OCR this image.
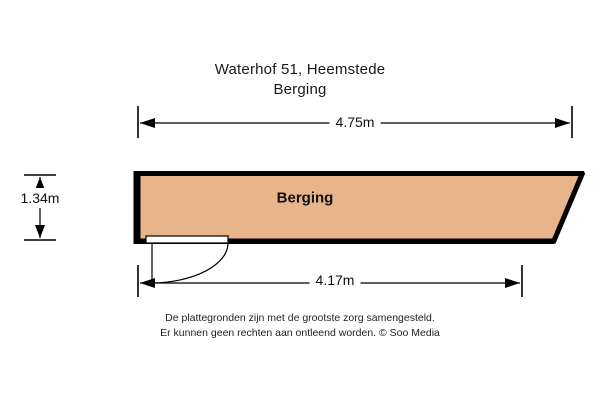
Waterhof 51, Heemstede
Berging
Berging
4.75m
4.17m
1.34m
De plattegronden zijn met de grootste zorg samengesteld.
Er kunnen geen rechten aan ontleend worden. © Soo Media
